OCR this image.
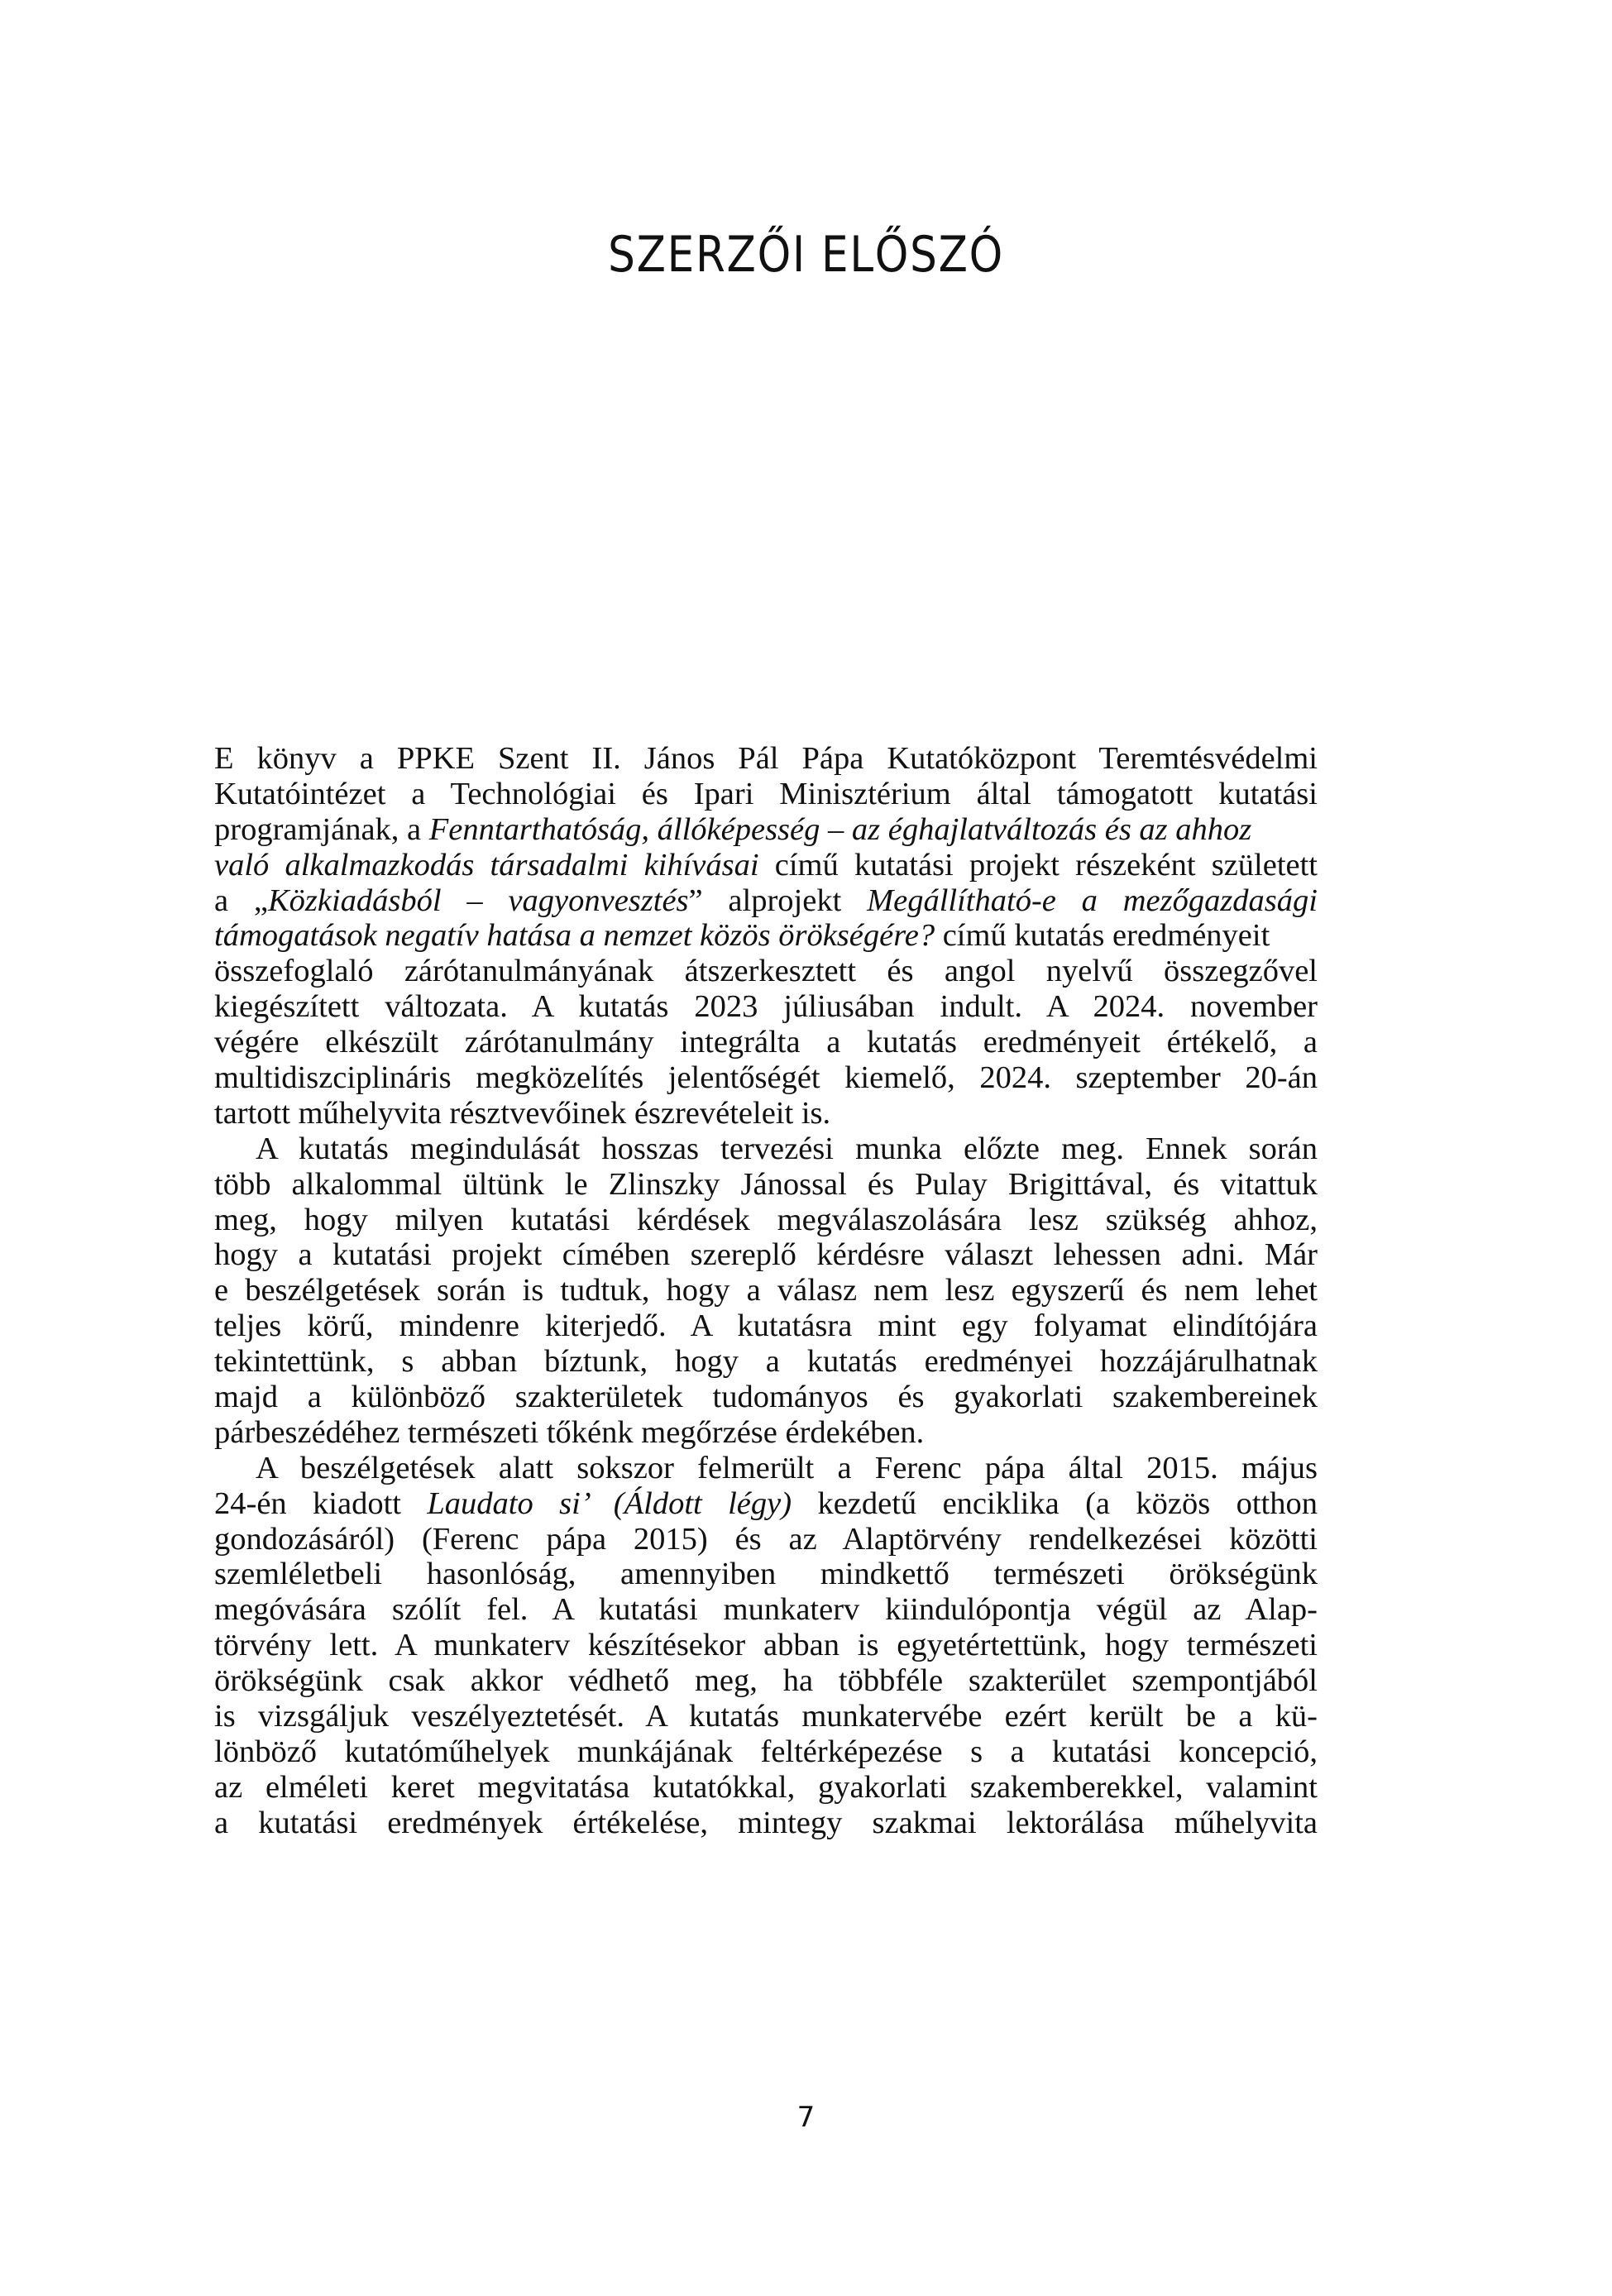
SZERZŐI ELŐSZÓ
E könyv a PPKE Szent II. János Pál Pápa Kutatóközpont Teremtésvédelmi
Kutatóintézet a Technológiai és Ipari Minisztérium által támogatott kutatási
programjának, a Fenntarthatóság, állóképesség – az éghajlatváltozás és az ahhoz
való alkalmazkodás társadalmi kihívásai című kutatási projekt részeként született
a „Közkiadásból – vagyonvesztés” alprojekt Megállítható-e a mezőgazdasági
támogatások negatív hatása a nemzet közös örökségére? című kutatás eredményeit
összefoglaló zárótanulmányának átszerkesztett és angol nyelvű összegzővel
kiegészített változata. A kutatás 2023 júliusában indult. A 2024. november
végére elkészült zárótanulmány integrálta a kutatás eredményeit értékelő, a
multidiszciplináris megközelítés jelentőségét kiemelő, 2024. szeptember 20-án
tartott műhelyvita résztvevőinek észrevételeit is.
A kutatás megindulását hosszas tervezési munka előzte meg. Ennek során
több alkalommal ültünk le Zlinszky Jánossal és Pulay Brigittával, és vitattuk
meg, hogy milyen kutatási kérdések megválaszolására lesz szükség ahhoz,
hogy a kutatási projekt címében szereplő kérdésre választ lehessen adni. Már
e beszélgetések során is tudtuk, hogy a válasz nem lesz egyszerű és nem lehet
teljes körű, mindenre kiterjedő. A kutatásra mint egy folyamat elindítójára
tekintettünk, s abban bíztunk, hogy a kutatás eredményei hozzájárulhatnak
majd a különböző szakterületek tudományos és gyakorlati szakembereinek
párbeszédéhez természeti tőkénk megőrzése érdekében.
A beszélgetések alatt sokszor felmerült a Ferenc pápa által 2015. május
24-én kiadott Laudato si’ (Áldott légy) kezdetű enciklika (a közös otthon
gondozásáról) (Ferenc pápa 2015) és az Alaptörvény rendelkezései közötti
szemléletbeli hasonlóság, amennyiben mindkettő természeti örökségünk
megóvására szólít fel. A kutatási munkaterv kiindulópontja végül az Alap-
törvény lett. A munkaterv készítésekor abban is egyetértettünk, hogy természeti
örökségünk csak akkor védhető meg, ha többféle szakterület szempontjából
is vizsgáljuk veszélyeztetését. A kutatás munkatervébe ezért került be a kü-
lönböző kutatóműhelyek munkájának feltérképezése s a kutatási koncepció,
az elméleti keret megvitatása kutatókkal, gyakorlati szakemberekkel, valamint
a kutatási eredmények értékelése, mintegy szakmai lektorálása műhelyvita
7
